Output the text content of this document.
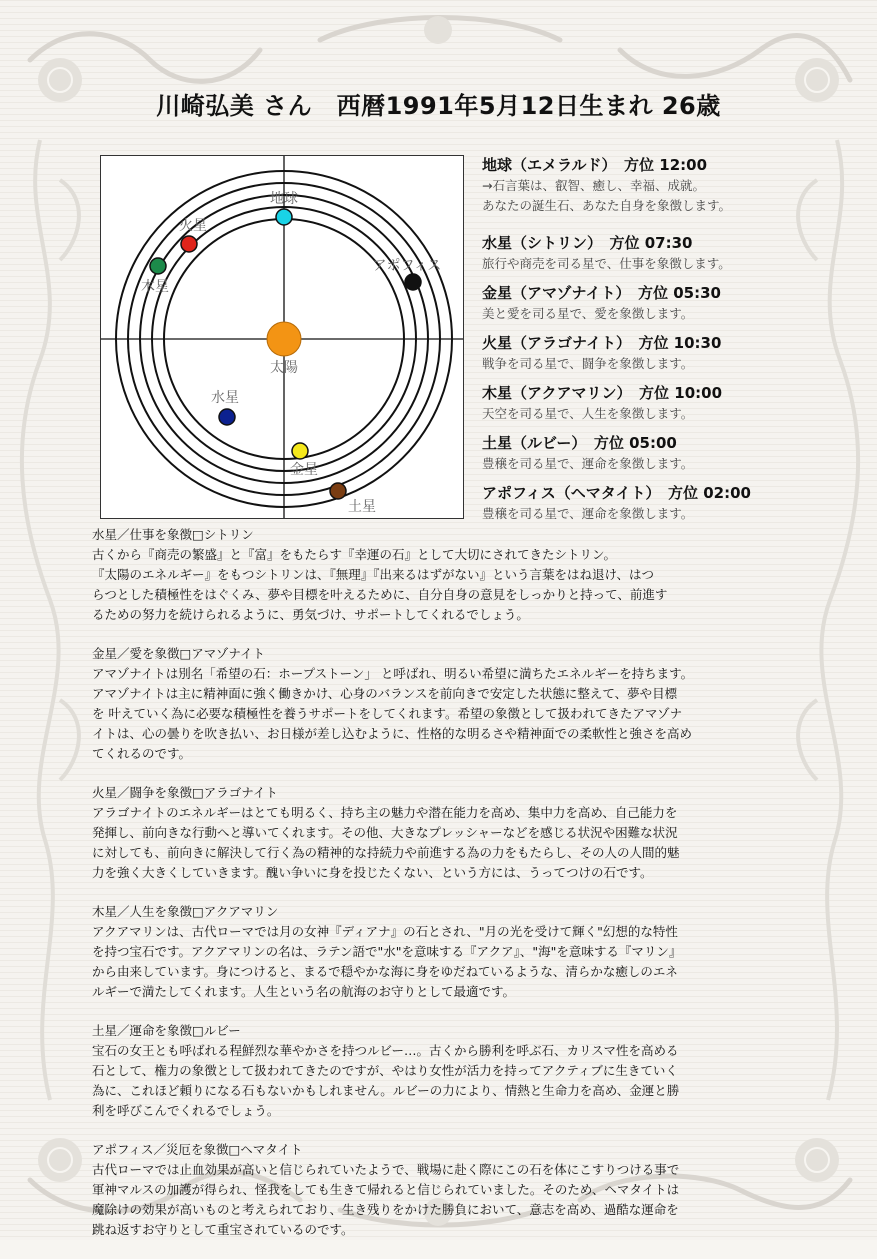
川崎弘美 さん　西暦1991年5月12日生まれ 26歳
太陽
地球
火星
木星
アポフィス
水星
金星
土星
地球（エメラルド）　方位 12:00
→石言葉は、叡智、癒し、幸福、成就。
あなたの誕生石、あなた自身を象徴します。
水星（シトリン）　方位 07:30
旅行や商売を司る星で、仕事を象徴します。
金星（アマゾナイト）　方位 05:30
美と愛を司る星で、愛を象徴します。
火星（アラゴナイト）　方位 10:30
戦争を司る星で、闘争を象徴します。
木星（アクアマリン）　方位 10:00
天空を司る星で、人生を象徴します。
土星（ルビー）　方位 05:00
豊穣を司る星で、運命を象徴します。
アポフィス（ヘマタイト）　方位 02:00
豊穣を司る星で、運命を象徴します。
水星／仕事を象徴□シトリン

古くから『商売の繁盛』と『富』をもたらす『幸運の石』として大切にされてきたシトリン。

『太陽のエネルギー』をもつシトリンは、『無理』『出来るはずがない』という言葉をはね退け、はつ

らつとした積極性をはぐくみ、夢や目標を叶えるために、自分自身の意見をしっかりと持って、前進す

るための努力を続けられるように、勇気づけ、サポートしてくれるでしょう。

金星／愛を象徴□アマゾナイト

アマゾナイトは別名「希望の石：ホープストーン」 と呼ばれ、明るい希望に満ちたエネルギーを持ちます。

アマゾナイトは主に精神面に強く働きかけ、心身のバランスを前向きで安定した状態に整えて、夢や目標

を 叶えていく為に必要な積極性を養うサポートをしてくれます。希望の象徴として扱われてきたアマゾナ

イトは、心の曇りを吹き払い、お日様が差し込むように、性格的な明るさや精神面での柔軟性と強さを高め

てくれるのです。

火星／闘争を象徴□アラゴナイト

アラゴナイトのエネルギーはとても明るく、持ち主の魅力や潜在能力を高め、集中力を高め、自己能力を

発揮し、前向きな行動へと導いてくれます。その他、大きなプレッシャーなどを感じる状況や困難な状況

に対しても、前向きに解決して行く為の精神的な持続力や前進する為の力をもたらし、その人の人間的魅

力を強く大きくしていきます。醜い争いに身を投じたくない、という方には、うってつけの石です。

木星／人生を象徴□アクアマリン

アクアマリンは、古代ローマでは月の女神『ディアナ』の石とされ、"月の光を受けて輝く"幻想的な特性

を持つ宝石です。アクアマリンの名は、ラテン語で"水"を意味する『アクア』、"海"を意味する『マリン』

から由来しています。身につけると、まるで穏やかな海に身をゆだねているような、清らかな癒しのエネ

ルギーで満たしてくれます。人生という名の航海のお守りとして最適です。

土星／運命を象徴□ルビー

宝石の女王とも呼ばれる程鮮烈な華やかさを持つルビー…。古くから勝利を呼ぶ石、カリスマ性を高める

石として、権力の象徴として扱われてきたのですが、やはり女性が活力を持ってアクティブに生きていく

為に、これほど頼りになる石もないかもしれません。ルビーの力により、情熱と生命力を高め、金運と勝

利を呼びこんでくれるでしょう。

アポフィス／災厄を象徴□ヘマタイト

古代ローマでは止血効果が高いと信じられていたようで、戦場に赴く際にこの石を体にこすりつける事で

軍神マルスの加護が得られ、怪我をしても生きて帰れると信じられていました。そのため、ヘマタイトは

魔除けの効果が高いものと考えられており、生き残りをかけた勝負において、意志を高め、過酷な運命を

跳ね返すお守りとして重宝されているのです。
